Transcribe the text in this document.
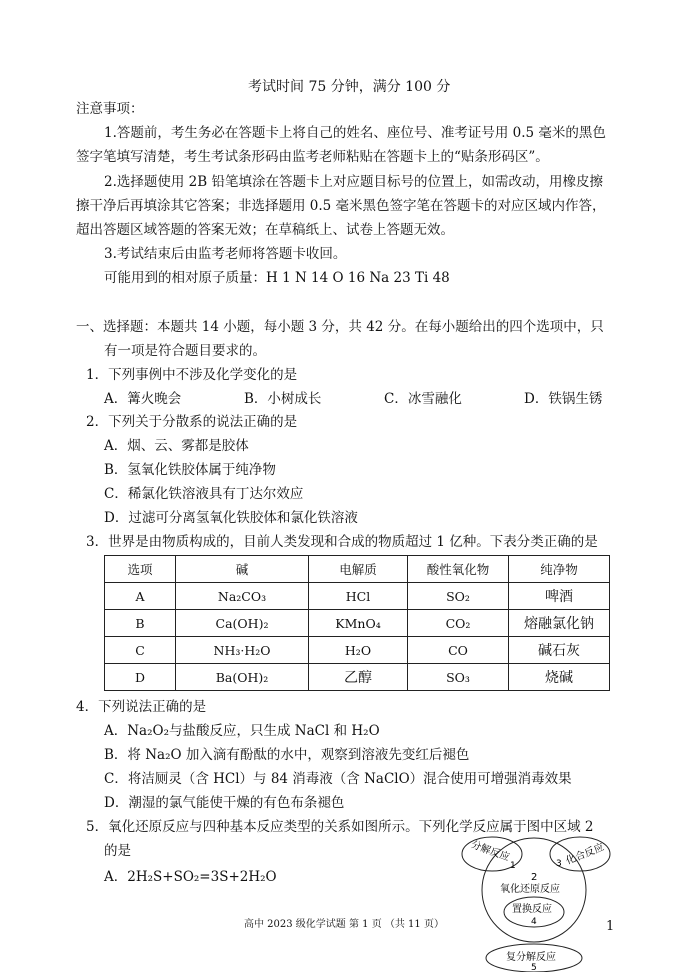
考试时间 75 分钟，满分 100 分
注意事项：
1.答题前，考生务必在答题卡上将自己的姓名、座位号、准考证号用 0.5 毫米的黑色
签字笔填写清楚，考生考试条形码由监考老师粘贴在答题卡上的“贴条形码区”。
2.选择题使用 2B 铅笔填涂在答题卡上对应题目标号的位置上，如需改动，用橡皮擦
擦干净后再填涂其它答案；非选择题用 0.5 毫米黑色签字笔在答题卡的对应区域内作答，
超出答题区域答题的答案无效；在草稿纸上、试卷上答题无效。
3.考试结束后由监考老师将答题卡收回。
可能用到的相对原子质量：H 1 N 14 O 16 Na 23 Ti 48
一、选择题：本题共 14 小题，每小题 3 分，共 42 分。在每小题给出的四个选项中，只
有一项是符合题目要求的。
1．下列事例中不涉及化学变化的是
A．篝火晚会	B．小树成长	C．冰雪融化	D．铁锅生锈
2．下列关于分散系的说法正确的是
A．烟、云、雾都是胶体
B．氢氧化铁胶体属于纯净物
C．稀氯化铁溶液具有丁达尔效应
D．过滤可分离氢氧化铁胶体和氯化铁溶液
3．世界是由物质构成的，目前人类发现和合成的物质超过 1 亿种。下表分类正确的是
选项	碱	电解质	酸性氧化物	纯净物
A	Na₂CO₃	HCl	SO₂	啤酒
B	Ca(OH)₂	KMnO₄	CO₂	熔融氯化钠
C	NH₃·H₂O	H₂O	CO	碱石灰
D	Ba(OH)₂	乙醇	SO₃	烧碱
4．下列说法正确的是
A．Na₂O₂与盐酸反应，只生成 NaCl 和 H₂O
B．将 Na₂O 加入滴有酚酞的水中，观察到溶液先变红后褪色
C．将洁厕灵（含 HCl）与 84 消毒液（含 NaClO）混合使用可增强消毒效果
D．潮湿的氯气能使干燥的有色布条褪色
5．氧化还原反应与四种基本反应类型的关系如图所示。下列化学反应属于图中区域 2
的是
A．2H₂S+SO₂=3S+2H₂O
分解反应
1	化合反应
3
2
氧化还原反应
置换反应
4
复分解反应
5
高中 2023 级化学试题 第 1 页 （共 11 页）	1
